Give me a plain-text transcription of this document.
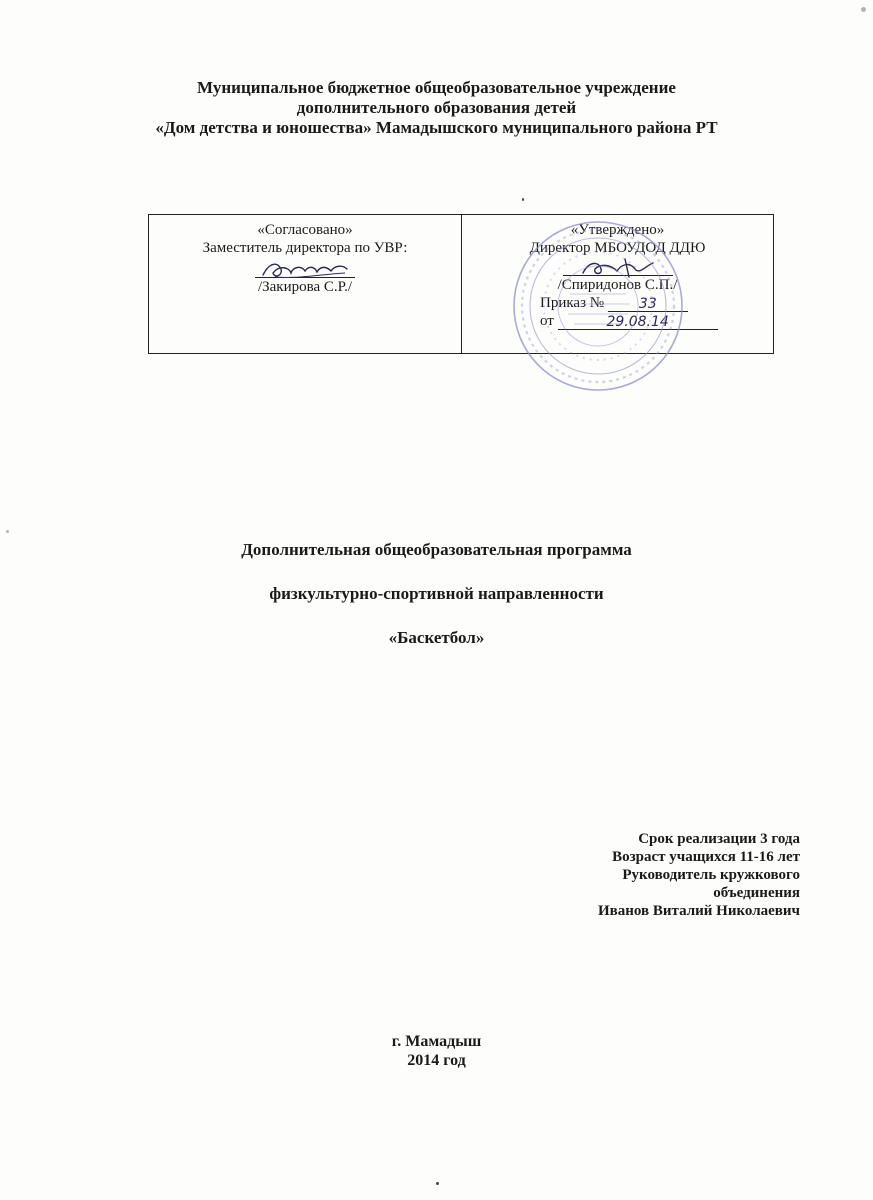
Муниципальное бюджетное общеобразовательное учреждение
дополнительного образования детей
«Дом детства и юношества» Мамадышского муниципального района РТ
«Согласовано»
Заместитель директора по УВР:
/Закирова С.Р./
«Утверждено»
Директор МБОУДОД ДДЮ
/Спиридонов С.П./
Приказ № 33
от	29.08.14
Дополнительная общеобразовательная программа
физкультурно-спортивной направленности
«Баскетбол»
Срок реализации 3 года
Возраст учащихся 11-16 лет
Руководитель кружкового
объединения
Иванов Виталий Николаевич
г. Мамадыш
2014 год
